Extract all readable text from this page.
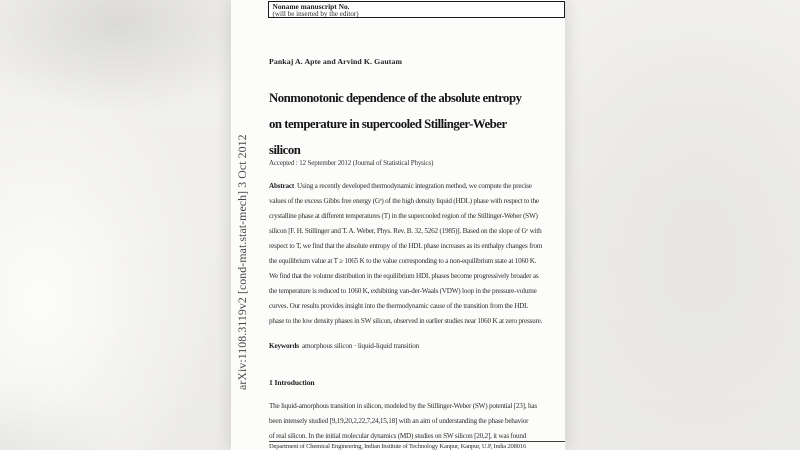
arXiv:1108.3119v2 [cond-mat.stat-mech] 3 Oct 2012
Noname manuscript No.
(will be inserted by the editor)
Pankaj A. Apte and Arvind K. Gautam
Nonmonotonic dependence of the absolute entropy
on temperature in supercooled Stillinger-Weber
silicon
Accepted : 12 September 2012 (Journal of Statistical Physics)
Abstract Using a recently developed thermodynamic integration method, we compute the precise
values of the excess Gibbs free energy (Gᵉ) of the high density liquid (HDL) phase with respect to the
crystalline phase at different temperatures (T) in the supercooled region of the Stillinger-Weber (SW)
silicon [F. H. Stillinger and T. A. Weber, Phys. Rev. B. 32, 5262 (1985)]. Based on the slope of Gᵉ with
respect to T, we find that the absolute entropy of the HDL phase increases as its enthalpy changes from
the equilibrium value at T ≥ 1065 K to the value corresponding to a non-equilibrium state at 1060 K.
We find that the volume distribution in the equilibrium HDL phases become progressively broader as
the temperature is reduced to 1060 K, exhibiting van-der-Waals (VDW) loop in the pressure-volume
curves. Our results provides insight into the thermodynamic cause of the transition from the HDL
phase to the low density phases in SW silicon, observed in earlier studies near 1060 K at zero pressure.
Keywords amorphous silicon · liquid-liquid transition
1 Introduction
The liquid-amorphous transition in silicon, modeled by the Stillinger-Weber (SW) potential [23], has
been intensely studied [9,19,20,2,22,7,24,15,18] with an aim of understanding the phase behavior
of real silicon. In the initial molecular dynamics (MD) studies on SW silicon [20,2], it was found
Department of Chemical Engineering, Indian Institute of Technology Kanpur, Kanpur, U.P, India 208016
